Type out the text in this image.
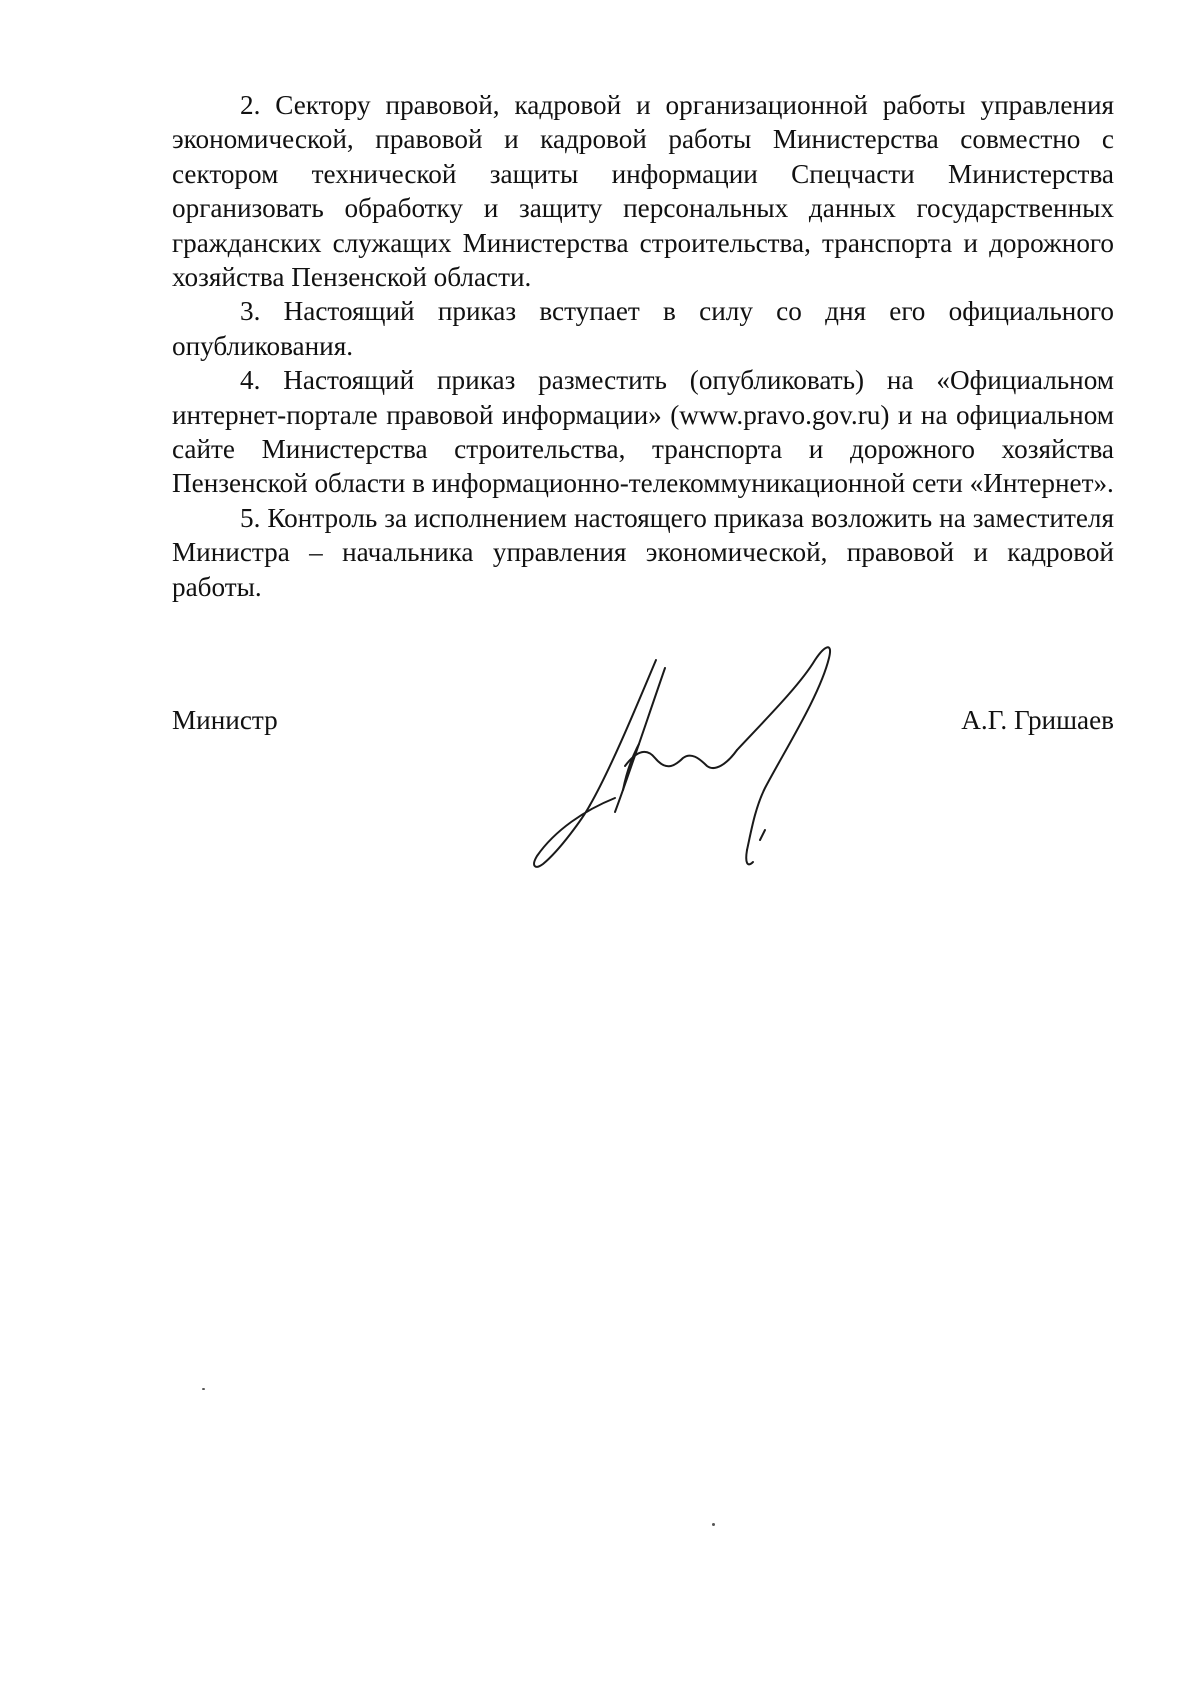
2. Сектору правовой, кадровой и организационной работы управления экономической, правовой и кадровой работы Министерства совместно с сектором технической защиты информации Спецчасти Министерства организовать обработку и защиту персональных данных государственных гражданских служащих Министерства строительства, транспорта и дорожного хозяйства Пензенской области.

3. Настоящий приказ вступает в силу со дня его официального опубликования.

4. Настоящий приказ разместить (опубликовать) на «Официальном интернет-портале правовой информации» (www.pravo.gov.ru) и на официальном сайте Министерства строительства, транспорта и дорожного хозяйства Пензенской области в информационно-телекоммуникационной сети «Интернет».

5. Контроль за исполнением настоящего приказа возложить на заместителя Министра – начальника управления экономической, правовой и кадровой работы.

Министр	А.Г. Гришаев
